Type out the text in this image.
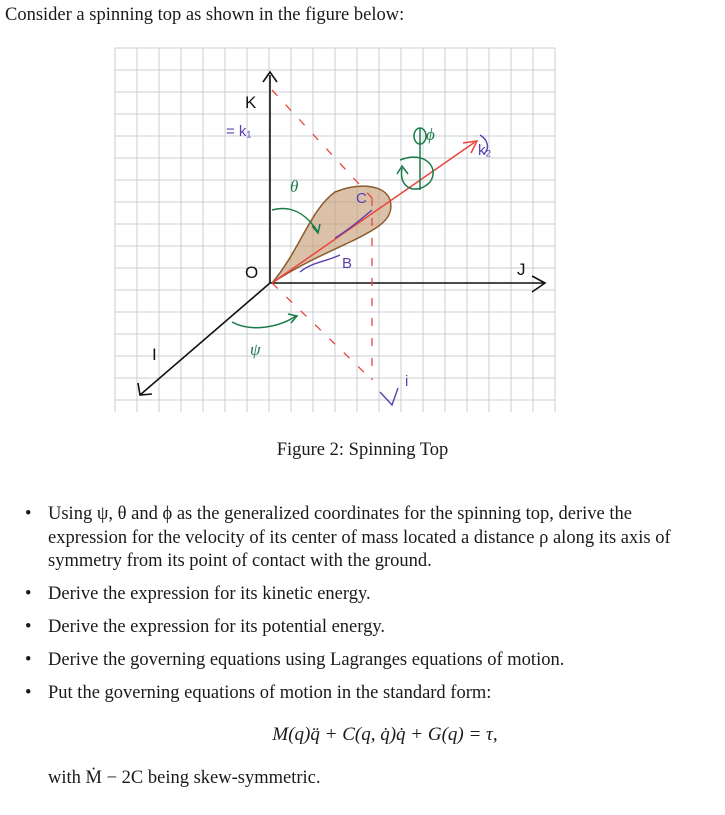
Consider a spinning top as shown in the figure below:
K
J
I
O
= k₁
k₂
C
B
i
θ
ϕ
ψ
Figure 2: Spinning Top
• Using ψ, θ and ϕ as the generalized coordinates for the spinning top, derive the expression for the velocity of its center of mass located a distance ρ along its axis of symmetry from its point of contact with the ground.
• Derive the expression for its kinetic energy.
• Derive the expression for its potential energy.
• Derive the governing equations using Lagranges equations of motion.
• Put the governing equations of motion in the standard form:
M(q)q̈ + C(q, q̇)q̇ + G(q) = τ,
with Ṁ − 2C being skew-symmetric.
